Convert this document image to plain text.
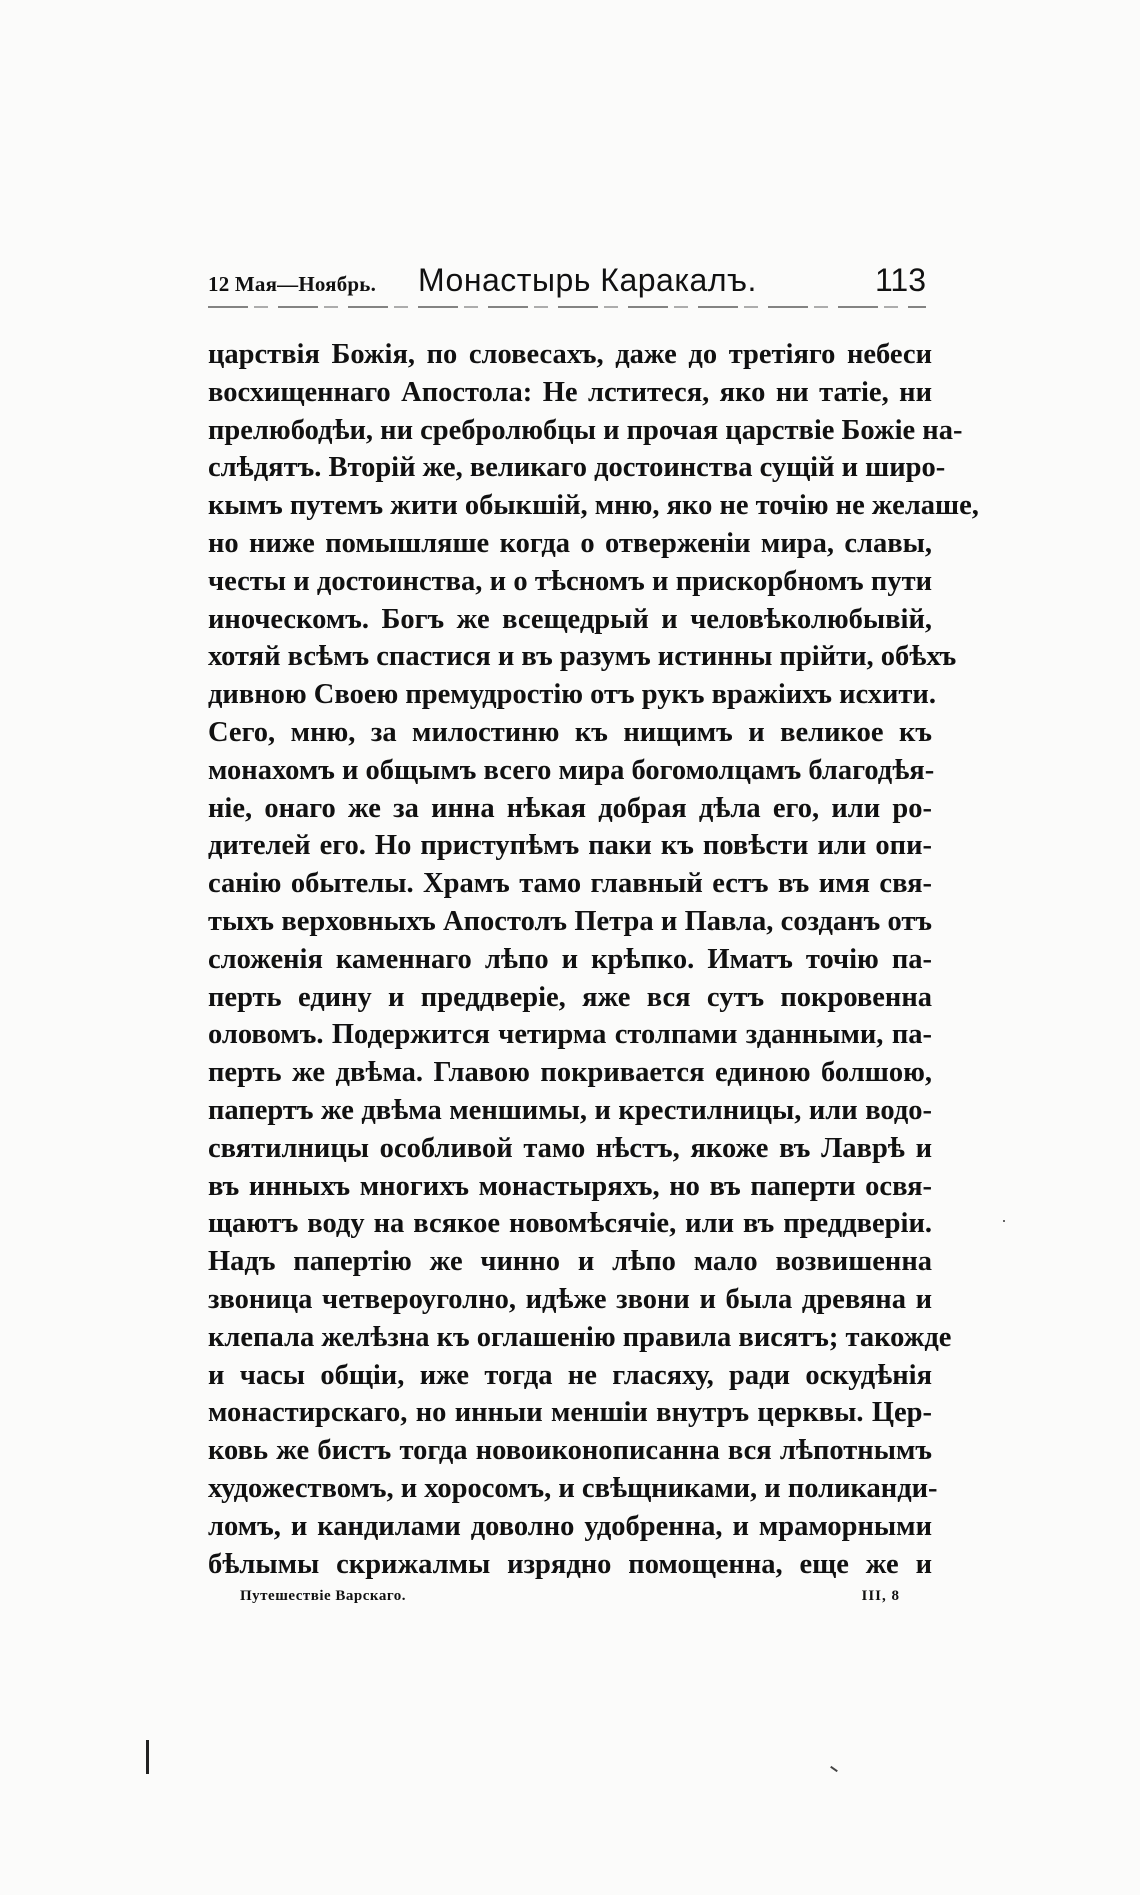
12 Мая—Ноябрь. Монастырь Каракалъ.	113
царствія Божія, по словесахъ, даже до третіяго небеси
восхищеннаго Апостола: Не лститеся, яко ни татіе, ни
прелюбодѣи, ни сребролюбцы и прочая царствіе Божіе на-
слѣдятъ. Вторій же, великаго достоинства сущій и широ-
кымъ путемъ жити обыкшій, мню, яко не точію не желаше,
но ниже помышляше когда о отверженіи мира, славы,
честы и достоинства, и о тѣсномъ и прискорбномъ пути
иноческомъ. Богъ же всещедрый и человѣколюбывій,
хотяй всѣмъ спастися и въ разумъ истинны прійти, обѣхъ
дивною Своею премудростію отъ рукъ вражіихъ исхити.
Сего, мню, за милостиню къ нищимъ и великое къ
монахомъ и общымъ всего мира богомолцамъ благодѣя-
ніе, онаго же за инна нѣкая добрая дѣла его, или ро-
дителей его. Но приступѣмъ паки къ повѣсти или опи-
санію обытелы. Храмъ тамо главный естъ въ имя свя-
тыхъ верховныхъ Апостолъ Петра и Павла, созданъ отъ
сложенія каменнаго лѣпо и крѣпко. Иматъ точію па-
перть едину и преддверіе, яже вся сутъ покровенна
оловомъ. Подержится четирма столпами зданными, па-
перть же двѣма. Главою покривается единою болшою,
папертъ же двѣма меншимы, и крестилницы, или водо-
святилницы особливой тамо нѣстъ, якоже въ Лаврѣ и
въ инныхъ многихъ монастыряхъ, но въ паперти освя-
щаютъ воду на всякое новомѣсячіе, или въ преддверіи.
Надъ папертію же чинно и лѣпо мало возвишенна
звоница четвероуголно, идѣже звони и была древяна и
клепала желѣзна къ оглашенію правила висятъ; такожде
и часы общіи, иже тогда не гласяху, ради оскудѣнія
монастирскаго, но инныи меншіи внутръ церквы. Цер-
ковь же бистъ тогда новоиконописанна вся лѣпотнымъ
художествомъ, и хоросомъ, и свѣщниками, и поликанди-
ломъ, и кандилами доволно удобренна, и мраморными
бѣлымы скрижалмы изрядно помощенна, еще же и
Путешествіе Варскаго.	III, 8
